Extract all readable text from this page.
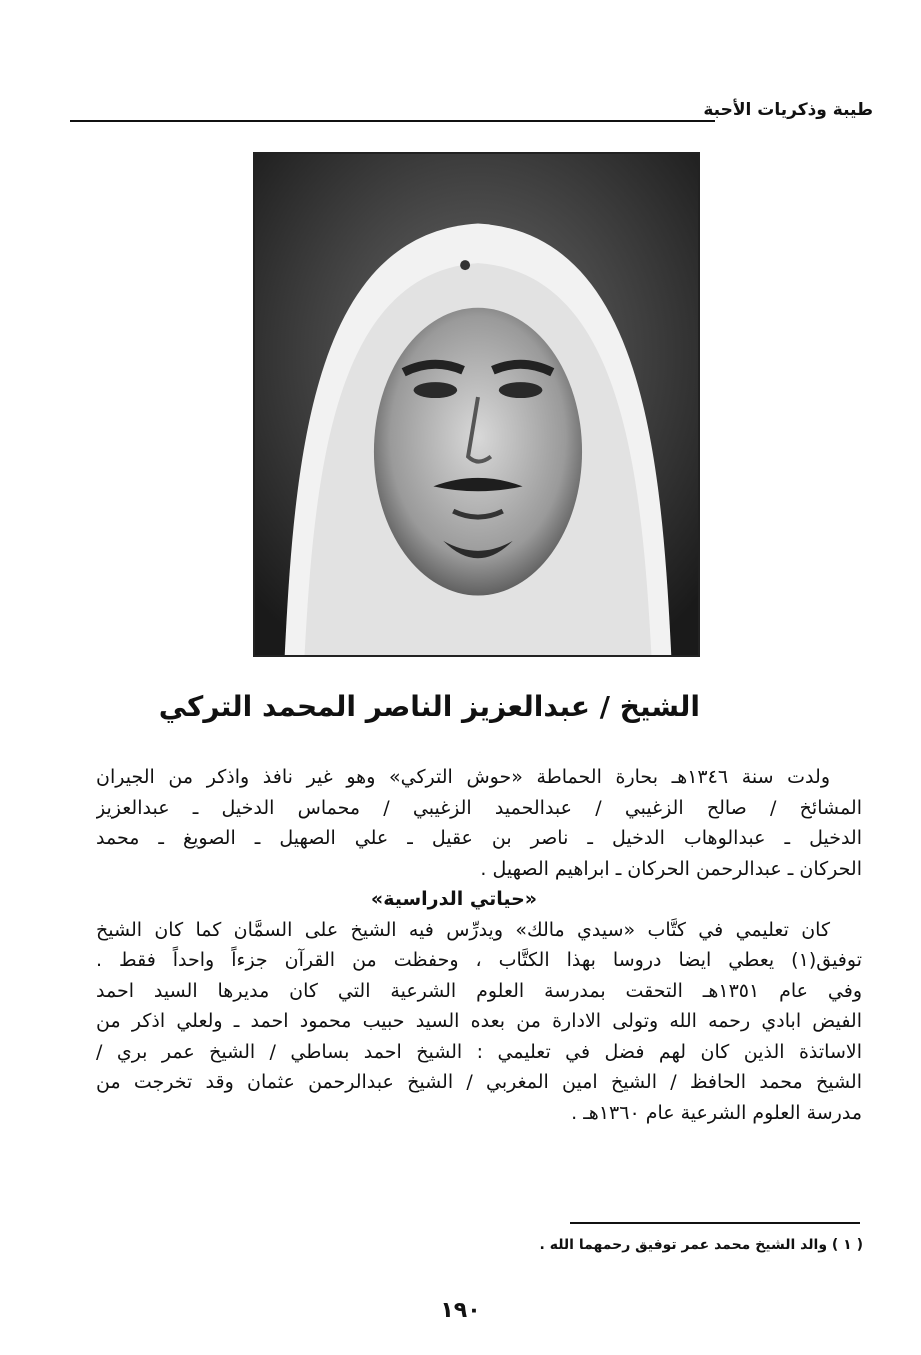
طيبة وذكريات الأحبة
الشيخ / عبدالعزيز الناصر المحمد التركي
ولدت سنة ١٣٤٦هـ بحارة الحماطة «حوش التركي» وهو غير نافذ واذكر من الجيران
المشائخ / صالح الزغيبي / عبدالحميد الزغيبي / محماس الدخيل ـ عبدالعزيز
الدخيل ـ عبدالوهاب الدخيل ـ ناصر بن عقيل ـ علي الصهيل ـ الصويغ ـ محمد
الحركان ـ عبدالرحمن الحركان ـ ابراهيم الصهيل .
«حياتي الدراسية»
كان تعليمي في كتَّاب «سيدي مالك» ويدرِّس فيه الشيخ على السمَّان كما كان الشيخ
توفيق(١) يعطي ايضا دروسا بهذا الكتَّاب ، وحفظت من القرآن جزءاً واحداً فقط .
وفي عام ١٣٥١هـ التحقت بمدرسة العلوم الشرعية التي كان مديرها السيد احمد
الفيض ابادي رحمه الله وتولى الادارة من بعده السيد حبيب محمود احمد ـ ولعلي اذكر من
الاساتذة الذين كان لهم فضل في تعليمي : الشيخ احمد بساطي / الشيخ عمر بري /
الشيخ محمد الحافظ / الشيخ امين المغربي / الشيخ عبدالرحمن عثمان وقد تخرجت من
مدرسة العلوم الشرعية عام ١٣٦٠هـ .
( ١ ) والد الشيخ محمد عمر توفيق رحمهما الله .
١٩٠
